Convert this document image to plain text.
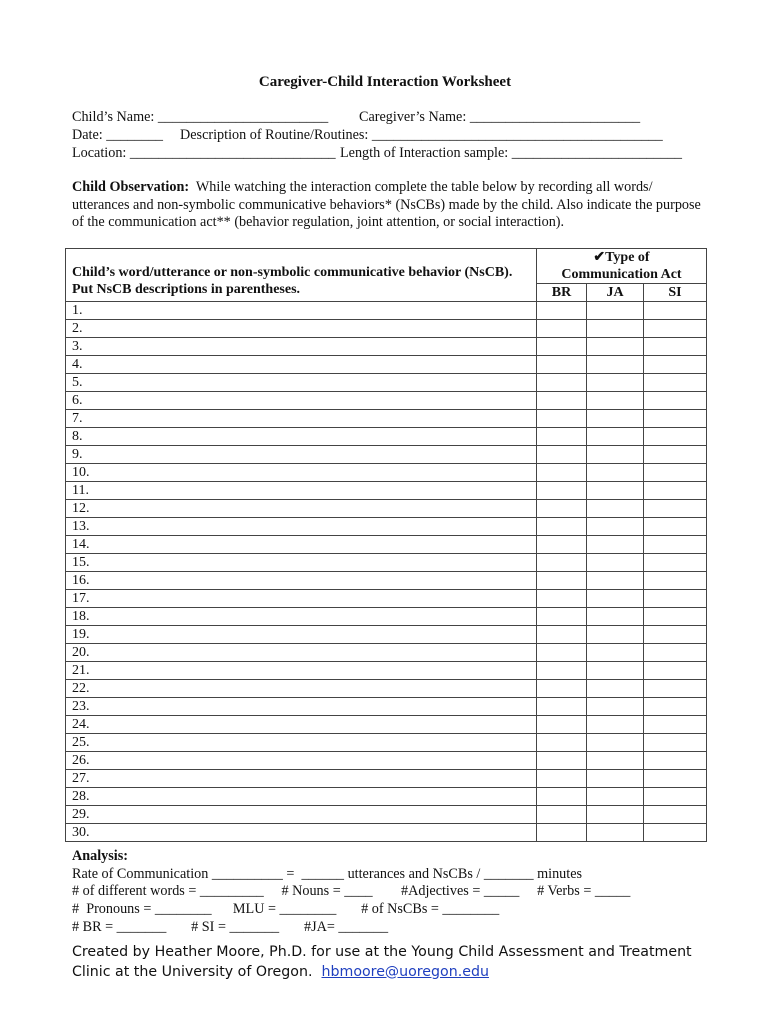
Caregiver-Child Interaction Worksheet
Child’s Name: ________________________ Caregiver’s Name: ________________________
Date: ________ Description of Routine/Routines: _________________________________________
Location: _____________________________ Length of Interaction sample: ________________________
Child Observation: While watching the interaction complete the table below by recording all words/ utterances and non-symbolic communicative behaviors* (NsCBs) made by the child. Also indicate the purpose of the communication act** (behavior regulation, joint attention, or social interaction).
Child’s word/utterance or non-symbolic communicative behavior (NsCB). Put NsCB descriptions in parentheses.	✔Type of
Communication Act		

	BR	JA	SI
1.			
2.			
3.			
4.			
5.			
6.			
7.			
8.			
9.			
10.			
11.			
12.			
13.			
14.			
15.			
16.			
17.			
18.			
19.			
20.			
21.			
22.			
23.			
24.			
25.			
26.			
27.			
28.			
29.			
30.			
Analysis:
Rate of Communication __________ =  ______ utterances and NsCBs / _______ minutes
# of different words = _________     # Nouns = ____        #Adjectives = _____     # Verbs = _____
#  Pronouns = ________      MLU = ________       # of NsCBs = ________
# BR = _______       # SI = _______       #JA= _______
Created by Heather Moore, Ph.D. for use at the Young Child Assessment and Treatment Clinic at the University of Oregon. hbmoore@uoregon.edu
